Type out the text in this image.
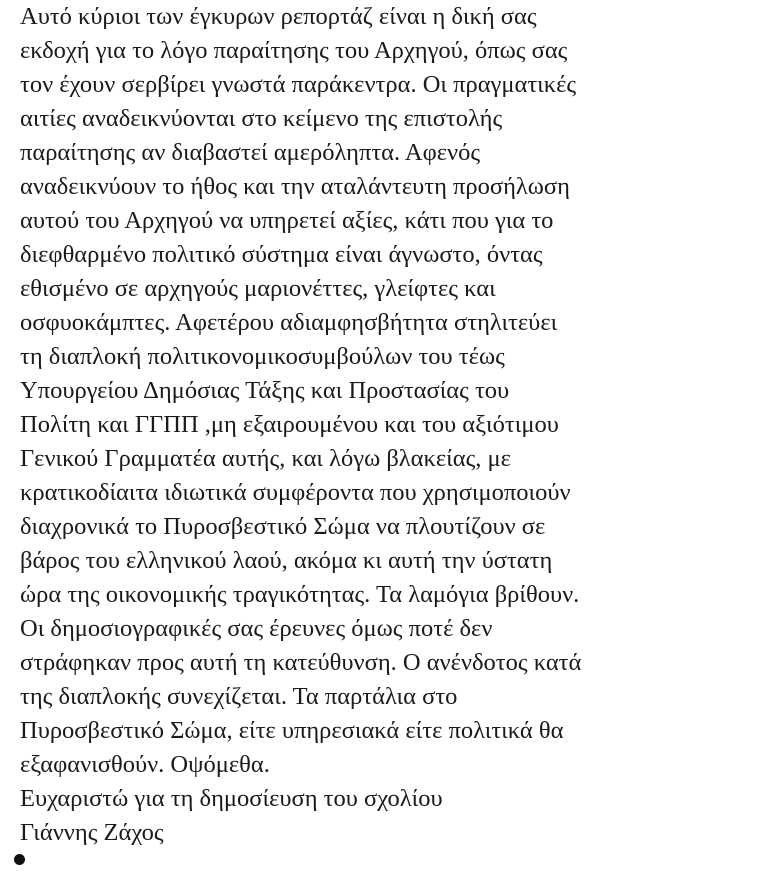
Αυτό κύριοι των έγκυρων ρεπορτάζ είναι η δική σας
εκδοχή για το λόγο παραίτησης του Αρχηγού, όπως σας
τον έχουν σερβίρει γνωστά παράκεντρα. Οι πραγματικές
αιτίες αναδεικνύονται στο κείμενο της επιστολής
παραίτησης αν διαβαστεί αμερόληπτα. Αφενός
αναδεικνύουν το ήθος και την αταλάντευτη προσήλωση
αυτού του Αρχηγού να υπηρετεί αξίες, κάτι που για το
διεφθαρμένο πολιτικό σύστημα είναι άγνωστο, όντας
εθισμένο σε αρχηγούς μαριονέττες, γλείφτες και
οσφυοκάμπτες. Αφετέρου αδιαμφησβήτητα στηλιτεύει
τη διαπλοκή πολιτικονομικοσυμβούλων του τέως
Υπουργείου Δημόσιας Τάξης και Προστασίας του
Πολίτη και ΓΓΠΠ ,μη εξαιρουμένου και του αξιότιμου
Γενικού Γραμματέα αυτής, και λόγω βλακείας, με
κρατικοδίαιτα ιδιωτικά συμφέροντα που χρησιμοποιούν
διαχρονικά το Πυροσβεστικό Σώμα να πλουτίζουν σε
βάρος του ελληνικού λαού, ακόμα κι αυτή την ύστατη
ώρα της οικονομικής τραγικότητας. Τα λαμόγια βρίθουν.
Οι δημοσιογραφικές σας έρευνες όμως ποτέ δεν
στράφηκαν προς αυτή τη κατεύθυνση. Ο ανένδοτος κατά
της διαπλοκής συνεχίζεται. Τα παρτάλια στο
Πυροσβεστικό Σώμα, είτε υπηρεσιακά είτε πολιτικά θα
εξαφανισθούν. Οψόμεθα.
Ευχαριστώ για τη δημοσίευση του σχολίου
Γιάννης Ζάχος
